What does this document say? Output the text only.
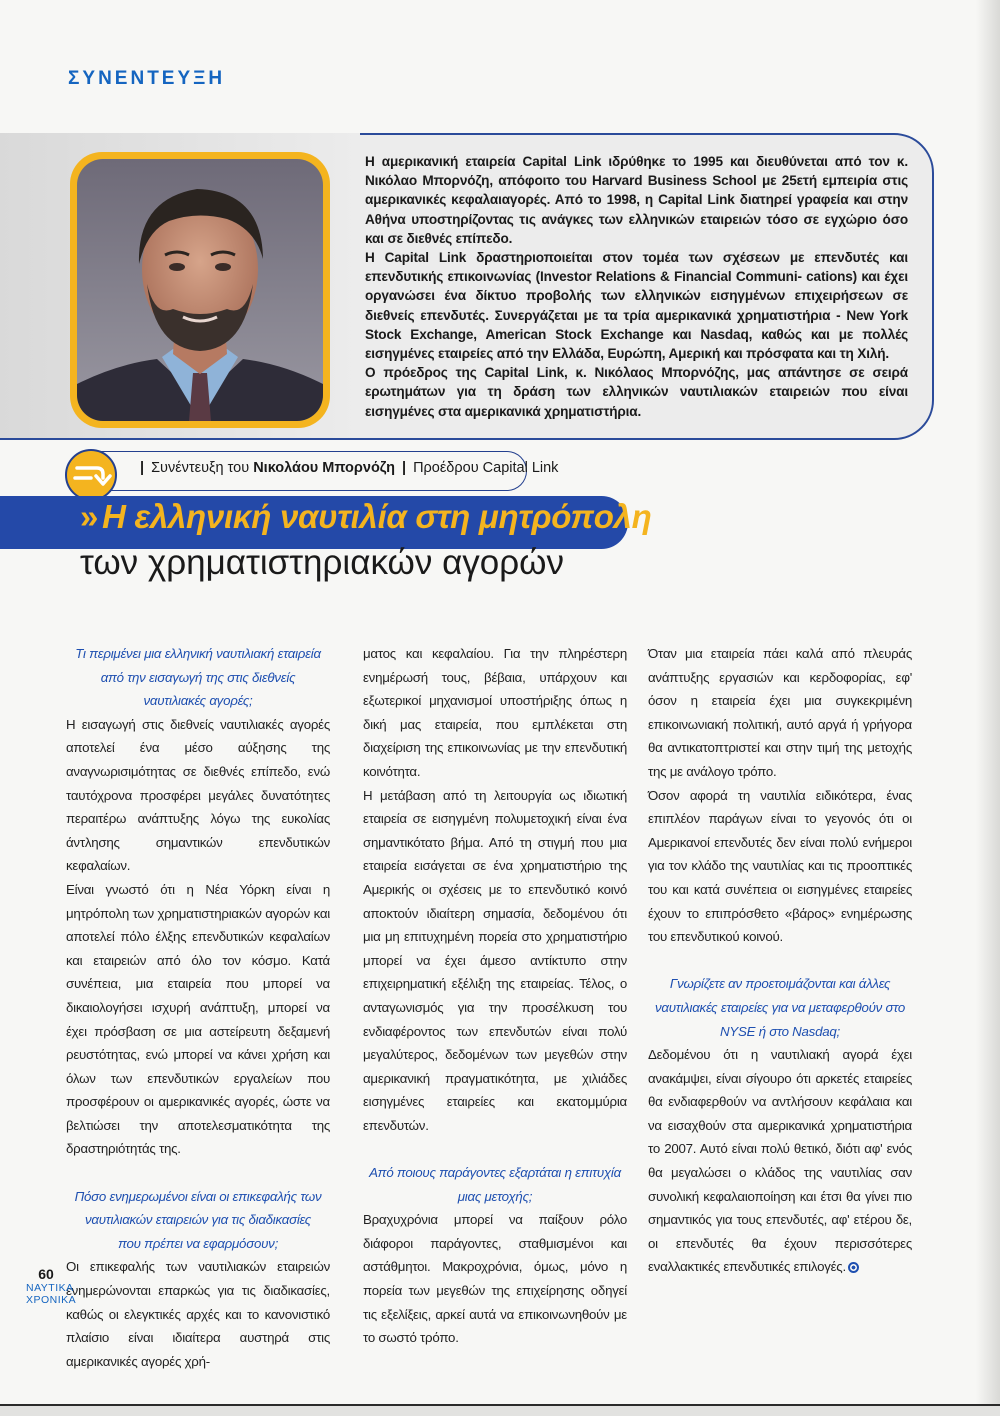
ΣΥΝΕΝΤΕΥΞΗ

Η αμερικανική εταιρεία Capital Link ιδρύθηκε το 1995 και διευθύνεται από τον κ. Νικόλαο Μπορνόζη, απόφοιτο του Harvard Business School με 25ετή εμπειρία στις αμερικανικές κεφαλαιαγορές. Από το 1998, η Capital Link διατηρεί γραφεία και στην Αθήνα υποστηρίζοντας τις ανάγκες των ελληνικών εταιρειών τόσο σε εγχώριο όσο και σε διεθνές επίπεδο.

Η Capital Link δραστηριοποιείται στον τομέα των σχέσεων με επενδυτές και επενδυτικής επικοινωνίας (Investor Relations & Financial Communi- cations) και έχει οργανώσει ένα δίκτυο προβολής των ελληνικών εισηγμένων επιχειρήσεων σε διεθνείς επενδυτές. Συνεργάζεται με τα τρία αμερικανικά χρηματιστήρια - New York Stock Exchange, American Stock Exchange και Nasdaq, καθώς και με πολλές εισηγμένες εταιρείες από την Ελλάδα, Ευρώπη, Αμερική και πρόσφατα και τη Χιλή.

Ο πρόεδρος της Capital Link, κ. Νικόλαος Μπορνόζης, μας απάντησε σε σειρά ερωτημάτων για τη δράση των ελληνικών ναυτιλιακών εταιρειών που είναι εισηγμένες στα αμερικανικά χρηματιστήρια.

| Συνέντευξη του Νικολάου Μπορνόζη | Προέδρου Capital Link

» Η ελληνική ναυτιλία στη μητρόπολη
των χρηματιστηριακών αγορών

Τι περιμένει μια ελληνική ναυτιλιακή εταιρεία από την εισαγωγή της στις διεθνείς ναυτιλιακές αγορές;

Η εισαγωγή στις διεθνείς ναυτιλιακές αγορές αποτελεί ένα μέσο αύξησης της αναγνωρισιμότητας σε διεθνές επίπεδο, ενώ ταυτόχρονα προσφέρει μεγάλες δυνατότητες περαιτέρω ανάπτυξης λόγω της ευκολίας άντλησης σημαντικών επενδυτικών κεφαλαίων.

Είναι γνωστό ότι η Νέα Υόρκη είναι η μητρόπολη των χρηματιστηριακών αγορών και αποτελεί πόλο έλξης επενδυτικών κεφαλαίων και εταιρειών από όλο τον κόσμο. Κατά συνέπεια, μια εταιρεία που μπορεί να δικαιολογήσει ισχυρή ανάπτυξη, μπορεί να έχει πρόσβαση σε μια αστείρευτη δεξαμενή ρευστότητας, ενώ μπορεί να κάνει χρήση και όλων των επενδυτικών εργαλείων που προσφέρουν οι αμερικανικές αγορές, ώστε να βελτιώσει την αποτελεσματικότητα της δραστηριότητάς της.

Πόσο ενημερωμένοι είναι οι επικεφαλής των ναυτιλιακών εταιρειών για τις διαδικασίες που πρέπει να εφαρμόσουν;

Οι επικεφαλής των ναυτιλιακών εταιρειών ενημερώνονται επαρκώς για τις διαδικασίες, καθώς οι ελεγκτικές αρχές και το κανονιστικό πλαίσιο είναι ιδιαίτερα αυστηρά στις αμερικανικές αγορές χρή-

ματος και κεφαλαίου. Για την πληρέστερη ενημέρωσή τους, βέβαια, υπάρχουν και εξωτερικοί μηχανισμοί υποστήριξης όπως η δική μας εταιρεία, που εμπλέκεται στη διαχείριση της επικοινωνίας με την επενδυτική κοινότητα.

Η μετάβαση από τη λειτουργία ως ιδιωτική εταιρεία σε εισηγμένη πολυμετοχική είναι ένα σημαντικότατο βήμα. Από τη στιγμή που μια εταιρεία εισάγεται σε ένα χρηματιστήριο της Αμερικής οι σχέσεις με το επενδυτικό κοινό αποκτούν ιδιαίτερη σημασία, δεδομένου ότι μια μη επιτυχημένη πορεία στο χρηματιστήριο μπορεί να έχει άμεσο αντίκτυπο στην επιχειρηματική εξέλιξη της εταιρείας. Τέλος, ο ανταγωνισμός για την προσέλκυση του ενδιαφέροντος των επενδυτών είναι πολύ μεγαλύτερος, δεδομένων των μεγεθών στην αμερικανική πραγματικότητα, με χιλιάδες εισηγμένες εταιρείες και εκατομμύρια επενδυτών.

Από ποιους παράγοντες εξαρτάται η επιτυχία μιας μετοχής;

Βραχυχρόνια μπορεί να παίξουν ρόλο διάφοροι παράγοντες, σταθμισμένοι και αστάθμητοι. Μακροχρόνια, όμως, μόνο η πορεία των μεγεθών της επιχείρησης οδηγεί τις εξελίξεις, αρκεί αυτά να επικοινωνηθούν με το σωστό τρόπο.

Όταν μια εταιρεία πάει καλά από πλευράς ανάπτυξης εργασιών και κερδοφορίας, εφ' όσον η εταιρεία έχει μια συγκεκριμένη επικοινωνιακή πολιτική, αυτό αργά ή γρήγορα θα αντικατοπτριστεί και στην τιμή της μετοχής της με ανάλογο τρόπο.

Όσον αφορά τη ναυτιλία ειδικότερα, ένας επιπλέον παράγων είναι το γεγονός ότι οι Αμερικανοί επενδυτές δεν είναι πολύ ενήμεροι για τον κλάδο της ναυτιλίας και τις προοπτικές του και κατά συνέπεια οι εισηγμένες εταιρείες έχουν το επιπρόσθετο «βάρος» ενημέρωσης του επενδυτικού κοινού.

Γνωρίζετε αν προετοιμάζονται και άλλες ναυτιλιακές εταιρείες για να μεταφερθούν στο NYSE ή στο Nasdaq;

Δεδομένου ότι η ναυτιλιακή αγορά έχει ανακάμψει, είναι σίγουρο ότι αρκετές εταιρείες θα ενδιαφερθούν να αντλήσουν κεφάλαια και να εισαχθούν στα αμερικανικά χρηματιστήρια το 2007. Αυτό είναι πολύ θετικό, διότι αφ' ενός θα μεγαλώσει ο κλάδος της ναυτιλίας σαν συνολική κεφαλαιοποίηση και έτσι θα γίνει πιο σημαντικός για τους επενδυτές, αφ' ετέρου δε, οι επενδυτές θα έχουν περισσότερες εναλλακτικές επενδυτικές επιλογές.

60
ΝΑΥΤΙΚΑ
ΧΡΟΝΙΚΑ
